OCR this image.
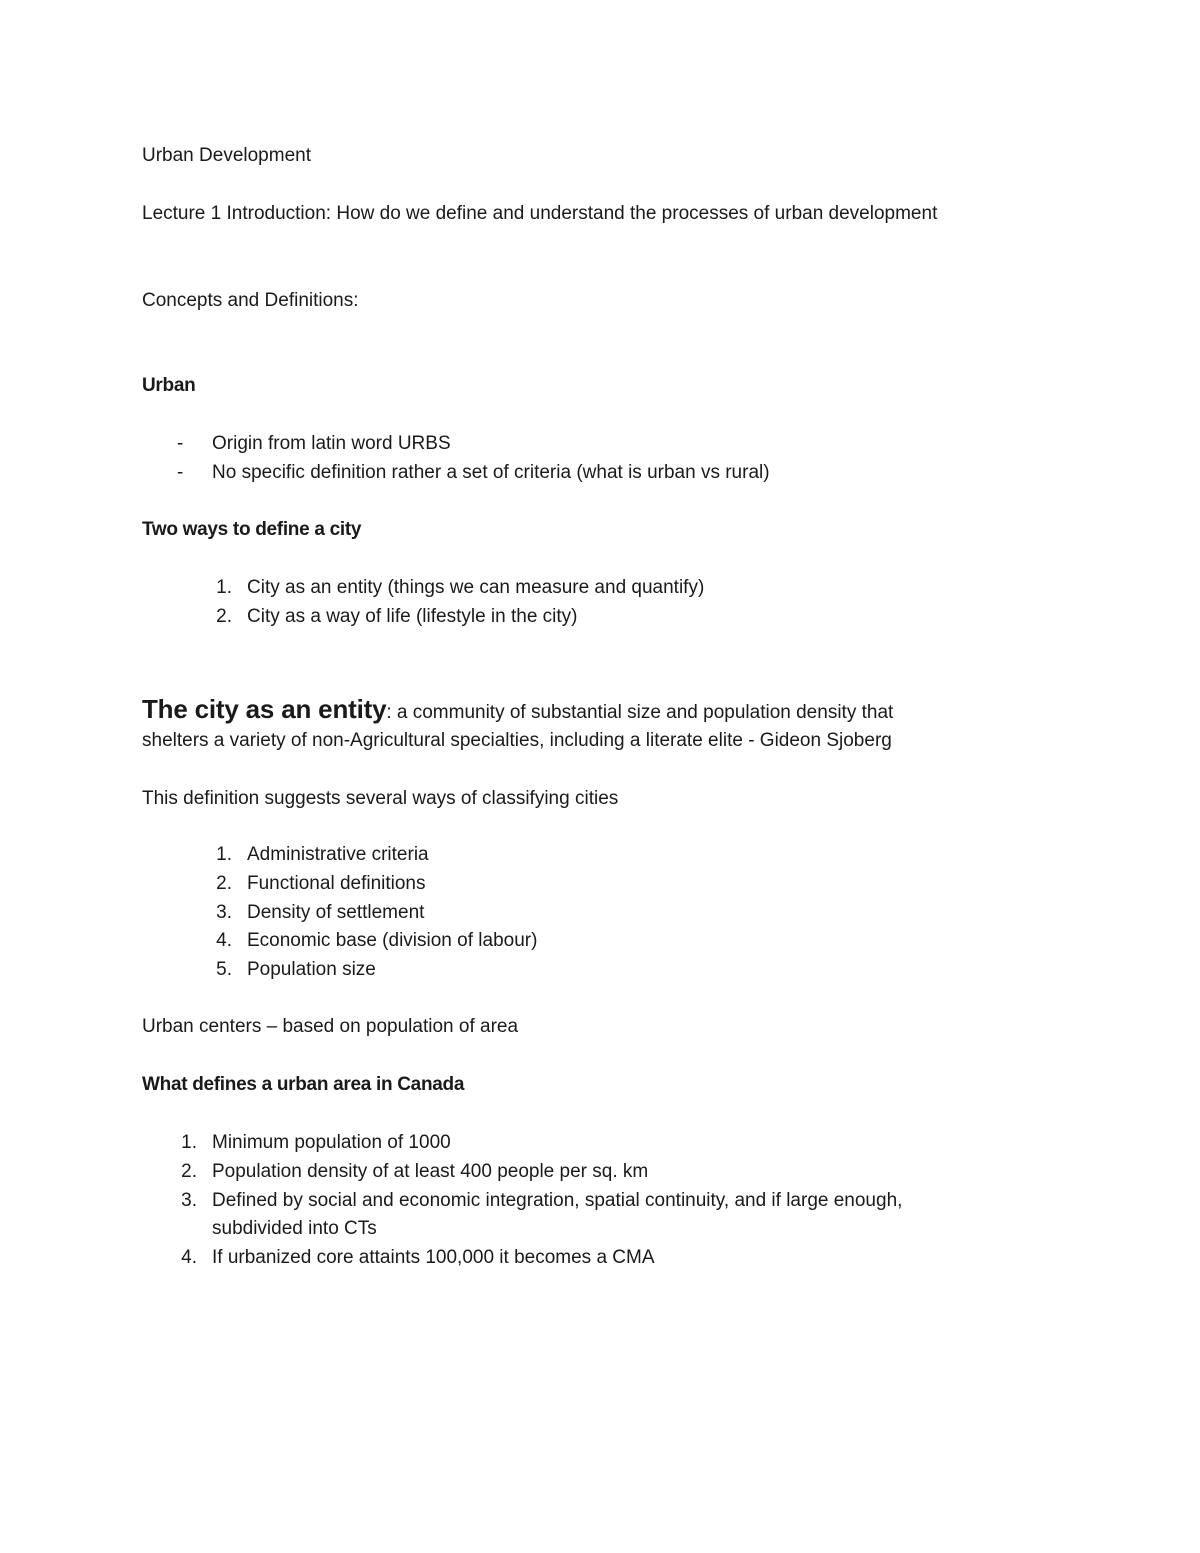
Urban Development
Lecture 1 Introduction: How do we define and understand the processes of urban development
Concepts and Definitions:
Urban
- Origin from latin word URBS
- No specific definition rather a set of criteria (what is urban vs rural)
Two ways to define a city
1. City as an entity (things we can measure and quantify)
2. City as a way of life (lifestyle in the city)
The city as an entity: a community of substantial size and population density that
shelters a variety of non-Agricultural specialties, including a literate elite - Gideon Sjoberg
This definition suggests several ways of classifying cities
1. Administrative criteria
2. Functional definitions
3. Density of settlement
4. Economic base (division of labour)
5. Population size
Urban centers – based on population of area
What defines a urban area in Canada
1. Minimum population of 1000
2. Population density of at least 400 people per sq. km
3. Defined by social and economic integration, spatial continuity, and if large enough,
subdivided into CTs
4. If urbanized core attaints 100,000 it becomes a CMA
